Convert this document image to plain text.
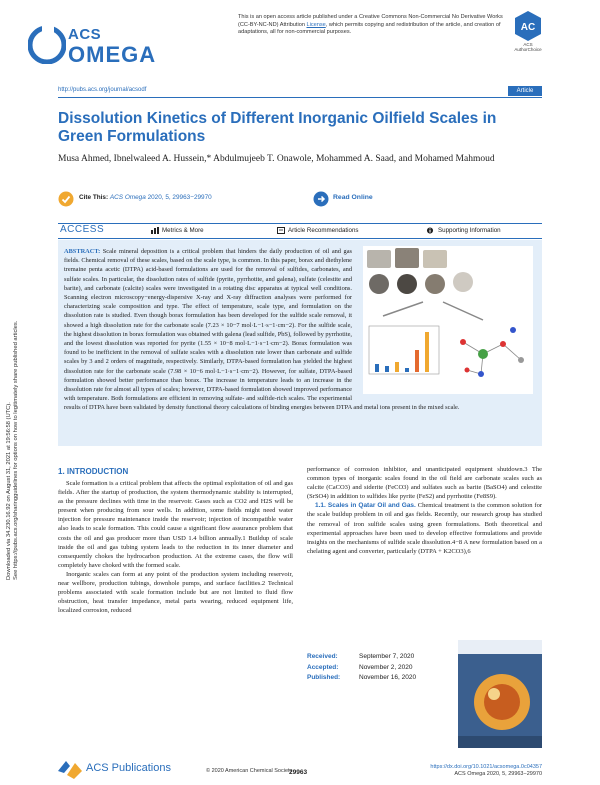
ACS
OMEGA
This is an open access article published under a Creative Commons Non-Commercial No Derivative Works (CC-BY-NC-ND) Attribution License, which permits copying and redistribution of the article, and creation of adaptations, all for non-commercial purposes.	AC
ACS AuthorChoice
http://pubs.acs.org/journal/acsodf	Article
Dissolution Kinetics of Different Inorganic Oilfield Scales in Green Formulations
Musa Ahmed, Ibnelwaleed A. Hussein,* Abdulmujeeb T. Onawole, Mohammed A. Saad, and Mohamed Mahmoud
Cite This: ACS Omega 2020, 5, 29963−29970	Read Online
ACCESS	Metrics & More	Article Recommendations	Supporting Information
ABSTRACT: Scale mineral deposition is a critical problem that hinders the daily production of oil and gas fields. Chemical removal of these scales, based on the scale type, is common. In this paper, borax and diethylene tremaine penta acetic (DTPA) acid-based formulations are used for the removal of sulfides, carbonates, and sulfate scales. In particular, the dissolution rates of sulfide (pyrite, pyrrhotite, and galena), sulfate (celestite and barite), and carbonate (calcite) scales were investigated in a rotating disc apparatus at typical well conditions. Scanning electron microscopy−energy-dispersive X-ray and X-ray diffraction analyses were performed for characterizing scale composition and type. The effect of temperature, scale type, and formulation on the dissolution rate is studied. Even though borax formulation has been developed for the sulfide scale removal, it showed a high dissolution rate for the carbonate scale (7.23 × 10−7 mol·L−1·s−1·cm−2). For the sulfide scale, the highest dissolution in borax formulation was obtained with galena (lead sulfide, PbS), followed by pyrrhotite, and the lowest dissolution was reported for pyrite (1.55 × 10−8 mol·L−1·s−1·cm−2). Borax formulation was found to be inefficient in the removal of sulfate scales with a dissolution rate lower than carbonate and sulfide scales by 3 and 2 orders of magnitude, respectively. Similarly, DTPA-based formulation has yielded the highest dissolution rate for the carbonate scale (7.98 × 10−6 mol·L−1·s−1·cm−2). However, for sulfate, DTPA-based formulation showed better performance than borax. The increase in temperature leads to an increase in the dissolution rate for almost all types of scales; however, DTPA-based formulation showed improved performance with temperature. Both formulations are efficient in removing sulfate- and sulfide-rich scales. The experimental results of DTPA have been validated by density functional theory calculations of binding energies between DTPA and metal ions present in the mixed scale.
Downloaded via 34.230.16.92 on August 31, 2021 at 19:56:58 (UTC).
See https://pubs.acs.org/sharingguidelines for options on how to legitimately share published articles.	1. INTRODUCTION
Scale formation is a critical problem that affects the optimal exploitation of oil and gas fields. After the startup of production, the system thermodynamic stability is interrupted, as the pressure declines with time in the reservoir. Gases such as CO2 and H2S will be present when producing from sour wells. In addition, some fields might need water injection for pressure maintenance inside the reservoir; injection of incompatible water also leads to scale formation. This could cause a significant flow assurance problem that costs the oil and gas producer more than USD 1.4 billion annually.1 Buildup of scale inside the oil and gas tubing system leads to the reduction in its inner diameter and consequently chokes the hydrocarbon production. At the extreme cases, the flow will completely have choked with the formed scale.
Inorganic scales can form at any point of the production system including reservoir, near wellbore, production tubings, downhole pumps, and surface facilities.2 Technical problems associated with scale formation include but are not limited to fluid flow obstruction, heat transfer impedance, metal parts wearing, reduced equipment life, localized corrosion, reduced
performance of corrosion inhibitor, and unanticipated equipment shutdown.3 The common types of inorganic scales found in the oil field are carbonate scales such as calcite (CaCO3) and siderite (FeCO3) and sulfates such as barite (BaSO4) and celestite (SrSO4) in addition to sulfides like pyrite (FeS2) and pyrrhotite (Fe8S9).
1.1. Scales in Qatar Oil and Gas. Chemical treatment is the common solution for the scale buildup problem in oil and gas fields. Recently, our research group has studied the removal of iron sulfide scales using green formulations. Both theoretical and experimental approaches have been used to develop effective formulations and provide insights on the mechanisms of sulfide scale dissolution.4−8 A new formulation based on a chelating agent and converter, particularly (DTPA + K2CO3),6
Received:	September 7, 2020
Accepted:	November 2, 2020
Published:	November 16, 2020
ACS Publications	© 2020 American Chemical Society
29963
https://dx.doi.org/10.1021/acsomega.0c04357
ACS Omega 2020, 5, 29963−29970
